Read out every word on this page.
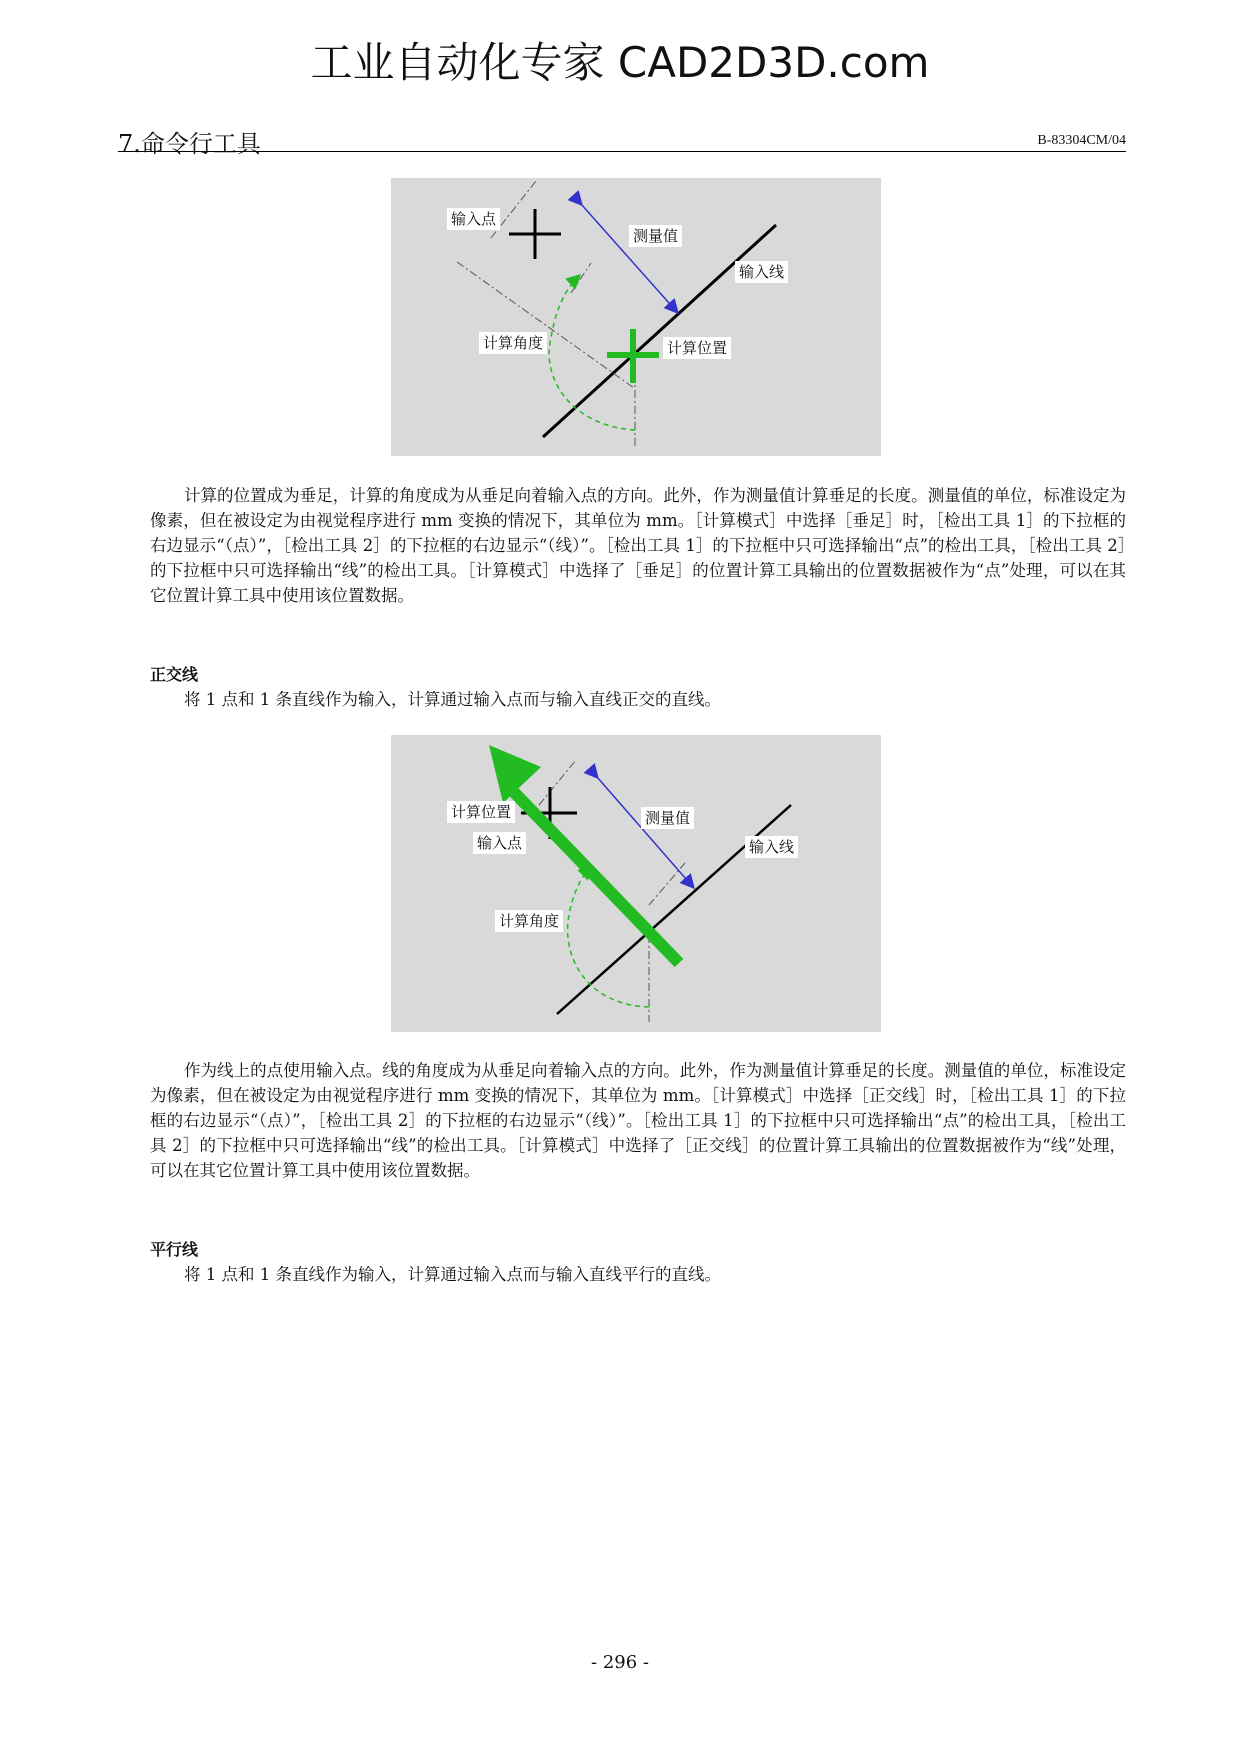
工业自动化专家 CAD2D3D.com
7.命令行工具	B-83304CM/04
输入点
测量值
输入线
计算角度	计算位置

计算的位置成为垂足，计算的角度成为从垂足向着输入点的方向。此外，作为测量值计算垂足的长度。测量值的单位，标准设定为像素，但在被设定为由视觉程序进行 mm 变换的情况下，其单位为 mm。［计算模式］中选择［垂足］时，［检出工具 1］的下拉框的右边显示“（点）”，［检出工具 2］的下拉框的右边显示“（线）”。［检出工具 1］的下拉框中只可选择输出“点”的检出工具，［检出工具 2］的下拉框中只可选择输出“线”的检出工具。［计算模式］中选择了［垂足］的位置计算工具输出的位置数据被作为“点”处理，可以在其它位置计算工具中使用该位置数据。

正交线
将 1 点和 1 条直线作为输入，计算通过输入点而与输入直线正交的直线。
计算位置
输入点
测量值
输入线
计算角度

作为线上的点使用输入点。线的角度成为从垂足向着输入点的方向。此外，作为测量值计算垂足的长度。测量值的单位，标准设定为像素，但在被设定为由视觉程序进行 mm 变换的情况下，其单位为 mm。［计算模式］中选择［正交线］时，［检出工具 1］的下拉框的右边显示“（点）”，［检出工具 2］的下拉框的右边显示“（线）”。［检出工具 1］的下拉框中只可选择输出“点”的检出工具，［检出工具 2］的下拉框中只可选择输出“线”的检出工具。［计算模式］中选择了［正交线］的位置计算工具输出的位置数据被作为“线”处理，可以在其它位置计算工具中使用该位置数据。

平行线
将 1 点和 1 条直线作为输入，计算通过输入点而与输入直线平行的直线。
- 296 -
